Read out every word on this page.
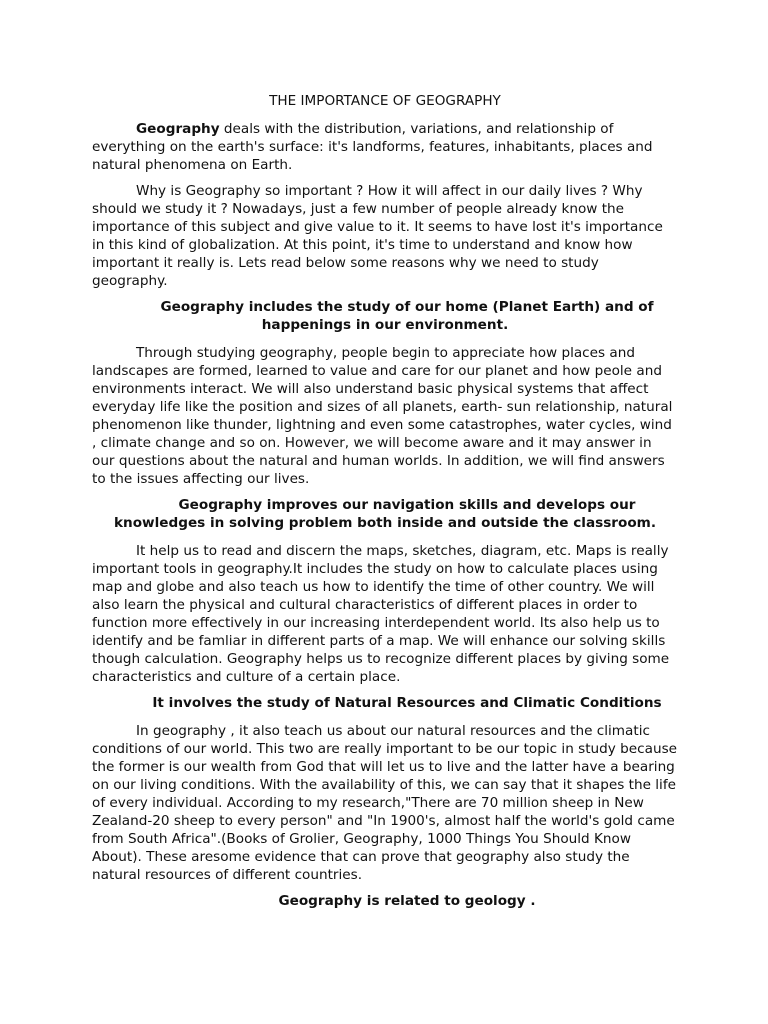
THE IMPORTANCE OF GEOGRAPHY

Geography deals with the distribution, variations, and relationship of everything on the earth's surface: it's landforms, features, inhabitants, places and natural phenomena on Earth.

Why is Geography so important ? How it will affect in our daily lives ? Why should we study it ? Nowadays, just a few number of people already know the importance of this subject and give value to it. It seems to have lost it's importance in this kind of globalization. At this point, it's time to understand and know how important it really is. Lets read below some reasons why we need to study geography.

Geography includes the study of our home (Planet Earth) and of happenings in our environment.

Through studying geography, people begin to appreciate how places and landscapes are formed, learned to value and care for our planet and how peole and environments interact. We will also understand basic physical systems that affect everyday life like the position and sizes of all planets, earth- sun relationship, natural phenomenon like thunder, lightning and even some catastrophes, water cycles, wind , climate change and so on. However, we will become aware and it may answer in our questions about the natural and human worlds. In addition, we will find answers to the issues affecting our lives.

Geography improves our navigation skills and develops our knowledges in solving problem both inside and outside the classroom.

It help us to read and discern the maps, sketches, diagram, etc. Maps is really important tools in geography.It includes the study on how to calculate places using map and globe and also teach us how to identify the time of other country. We will also learn the physical and cultural characteristics of different places in order to function more effectively in our increasing interdependent world. Its also help us to identify and be famliar in different parts of a map. We will enhance our solving skills though calculation. Geography helps us to recognize different places by giving some characteristics and culture of a certain place.

It involves the study of Natural Resources and Climatic Conditions

In geography , it also teach us about our natural resources and the climatic conditions of our world. This two are really important to be our topic in study because the former is our wealth from God that will let us to live and the latter have a bearing on our living conditions. With the availability of this, we can say that it shapes the life of every individual. According to my research,"There are 70 million sheep in New Zealand-20 sheep to every person" and "In 1900's, almost half the world's gold came from South Africa".(Books of Grolier, Geography, 1000 Things You Should Know About). These aresome evidence that can prove that geography also study the natural resources of different countries.

Geography is related to geology .
